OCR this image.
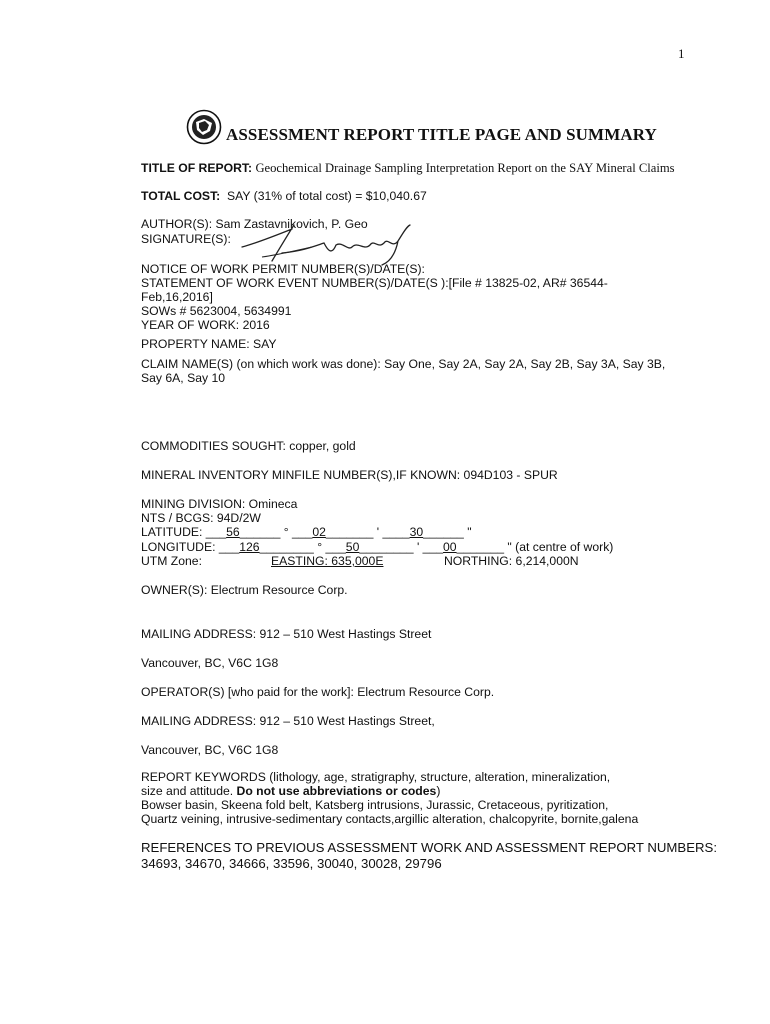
1
ASSESSMENT REPORT TITLE PAGE AND SUMMARY
TITLE OF REPORT: Geochemical Drainage Sampling Interpretation Report on the SAY Mineral Claims
TOTAL COST: SAY (31% of total cost) = $10,040.67
AUTHOR(S): Sam Zastavnikovich, P. Geo
SIGNATURE(S):
NOTICE OF WORK PERMIT NUMBER(S)/DATE(S):
STATEMENT OF WORK EVENT NUMBER(S)/DATE(S ):[File # 13825-02, AR# 36544-
Feb,16,2016]
SOWs # 5623004, 5634991
YEAR OF WORK: 2016
PROPERTY NAME: SAY
CLAIM NAME(S) (on which work was done): Say One, Say 2A, Say 2A, Say 2B, Say 3A, Say 3B,
Say 6A, Say 10
COMMODITIES SOUGHT: copper, gold
MINERAL INVENTORY MINFILE NUMBER(S),IF KNOWN: 094D103 - SPUR
MINING DIVISION: Omineca
NTS / BCGS: 94D/2W
LATITUDE: ___56______ ° ___02_______ ' ____30______ "
LONGITUDE: ___126________ ° ___50________ ' ___00_______ " (at centre of work)
UTM Zone:	EASTING: 635,000E	NORTHING: 6,214,000N
OWNER(S): Electrum Resource Corp.
MAILING ADDRESS: 912 – 510 West Hastings Street
Vancouver, BC, V6C 1G8
OPERATOR(S) [who paid for the work]: Electrum Resource Corp.
MAILING ADDRESS: 912 – 510 West Hastings Street,
Vancouver, BC, V6C 1G8
REPORT KEYWORDS (lithology, age, stratigraphy, structure, alteration, mineralization,
size and attitude. Do not use abbreviations or codes)
Bowser basin, Skeena fold belt, Katsberg intrusions, Jurassic, Cretaceous, pyritization,
Quartz veining, intrusive-sedimentary contacts,argillic alteration, chalcopyrite, bornite,galena
REFERENCES TO PREVIOUS ASSESSMENT WORK AND ASSESSMENT REPORT NUMBERS:
34693, 34670, 34666, 33596, 30040, 30028, 29796
